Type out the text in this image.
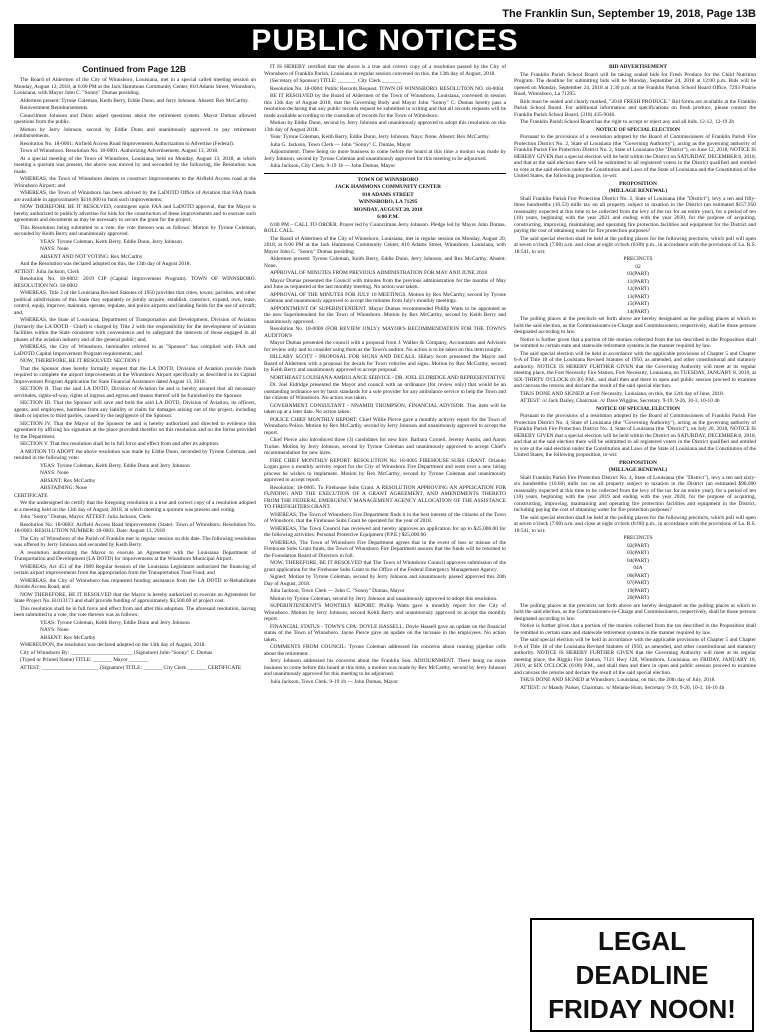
The Franklin Sun, September 19, 2018, Page 13B
PUBLIC NOTICES
Continued from Page 12B

The Board of Aldermen of the City of Winnsboro, Louisiana, met in a special called meeting session on Monday, August 13, 2018, at 6:00 PM at the Jack Hammons Community Center, 810 Adams Street, Winnsboro, Louisiana, with Mayor John C. "Sonny" Dumas presiding.

Aldermen present: Tyrone Coleman, Keith Berry, Eddie Dunn, and Jerry Johnson. Absent: Rex McCarthy.

Reinvestment Reimbursements.

Councilman Johnson and Dunn asked questions about the retirement system. Mayor Dumas allowed questions from the public.

Motion by Jerry Johnson, second by Eddie Dunn and unanimously approved to pay retirement reimbursements.

Resolution No. 18-0001: Airfield Access Road Improvements Authorization to Advertise (Federal).

Town of Winnsboro. Resolution No. 18-0001. Authorizing Advertisement. August 13, 2018.

At a special meeting of the Town of Winnsboro, Louisiana, held on Monday, August 13, 2018, at which meeting a quorum was present, the above was moved by and seconded by the following, the Resolution was made.

WHEREAS, the Town of Winnsboro desires to construct improvements to the Airfield Access road at the Winnsboro Airport; and

WHEREAS, the Town of Winnsboro has been advised by the LaDOTD Office of Aviation that FAA funds are available in approximately $116,000 to fund such improvements;

NOW THEREFORE BE IT RESOLVED, contingent upon FAA and LaDOTD approval, that the Mayor is hereby authorized to publicly advertise for bids for the construction of these improvements and to execute such agreements and documents as may be necessary to secure the grant for the project.

This Resolution being submitted to a vote, the vote thereon was as follows: Motion by Tyrone Coleman, seconded by Keith Berry and unanimously approved.

YEAS: Tyrone Coleman, Keith Berry, Eddie Dunn, Jerry Johnson

NAYS: None

ABSENT AND NOT VOTING: Rex McCarthy

And the Resolution was declared adopted on this, the 13th day of August 2018.

ATTEST: Julia Jackson, Clerk

Resolution No. 18-0002: 2019 CIP (Capital Improvement Program). TOWN OF WINNSBORO. RESOLUTION NO. 18-0002

WHEREAS, Title 2 of the Louisiana Revised Statutes of 1950 provides that cities, towns, parishes, and other political subdivisions of this State may separately or jointly acquire, establish, construct, expand, own, lease, control, equip, improve, maintain, operate, regulate, and police airports and landing fields for the use of aircraft; and,

WHEREAS, the State of Louisiana, Department of Transportation and Development, Division of Aviation (formerly the LA DOTD - Chief) is charged by Title 2 with the responsibility for the development of aviation facilities within the State consistent with convenience and to safeguard the interests of those engaged in all phases of the aviation industry and of the general public; and,

WHEREAS, the City of Winnsboro, hereinafter referred to as "Sponsor" has complied with FAA and LaDOTD Capital Improvement Program requirements; and

NOW, THEREFORE, BE IT RESOLVED: SECTION I

That the Sponsor does hereby formally request that the LA DOTD, Division of Aviation provide funds required to complete the airport improvements at the Winnsboro Airport specifically as described in its Capital Improvement Program Application for State Financial Assistance dated August 13, 2018.

SECTION II. That the said LA DOTD, Division of Aviation be and is hereby assured that all necessary servitudes, rights-of-way, rights of ingress and egress and means thereof will be furnished by the Sponsor.

SECTION III. That the Sponsor will save and hold the said LA DOTD, Division of Aviation, its officers, agents, and employees, harmless from any liability or claim for damages arising out of the project, including death or injuries to third parties, caused by the negligence of the Sponsor.

SECTION IV. That the Mayor of the Sponsor be and is hereby authorized and directed to evidence this agreement by affixing his signature at the place provided therefor on this resolution and on the forms provided by the Department.

SECTION V. That this resolution shall be in full force and effect from and after its adoption.

A MOTION TO ADOPT the above resolution was made by Eddie Dunn, seconded by Tyrone Coleman, and resulted in the following vote:

YEAS: Tyrone Coleman, Keith Berry, Eddie Dunn and Jerry Johnson

NAYS: None

ABSENT: Rex McCarthy

ABSTAINING: None

CERTIFICATE

We the undersigned do certify that the foregoing resolution is a true and correct copy of a resolution adopted at a meeting held on the 13th day of August, 2018, at which meeting a quorum was present and voting.

John "Sonny" Dumas, Mayor. ATTEST: Julia Jackson, Clerk

Resolution No. 18-0003: Airfield Access Road Improvements (State). Town of Winnsboro. Resolution No. 18-0003. RESOLUTION NUMBER: 18-0003. Date: August 13, 2018

The City of Winnsboro of the Parish of Franklin met in regular session on this date. The following resolution was offered by Jerry Johnson and seconded by Keith Berry.

A resolution authorizing the Mayor to execute an Agreement with the Louisiana Department of Transportation and Development (LA DOTD) for improvements at the Winnsboro Municipal Airport.

WHEREAS, Act 451 of the 1989 Regular Session of the Louisiana Legislature authorized the financing of certain airport improvements from the appropriation from the Transportation Trust Fund; and

WHEREAS, the City of Winnsboro has requested funding assistance from the LA DOTD to Rehabilitate Airside Access Road; and

NOW THEREFORE, BE IT RESOLVED that the Mayor is hereby authorized to execute an Agreement for State Project No. H.013171 and shall provide funding of approximately $3,500.00 of project cost.

This resolution shall be in full force and effect from and after this adoption. The aforesaid resolution, having been submitted to a vote, the vote thereon was as follows:

YEAS: Tyrone Coleman, Keith Berry, Eddie Dunn and Jerry Johnson

NAYS: None

ABSENT: Rex McCarthy

WHEREUPON, the resolution was declared adopted on the 13th day of August, 2018.

City of Winnsboro By: _______________________ (Signature) John "Sonny" C. Dumas

(Typed or Printed Name) TITLE: _______ Mayor _______

ATTEST: _____________________ (Signature) TITLE: _______ City Clerk _______ CERTIFICATE

IT IS HEREBY certified that the above is a true and correct copy of a resolution passed by the City of Winnsboro of Franklin Parish, Louisiana in regular session convened on this, the 13th day of August, 2018.

(Secretary of Sponsor) TITLE: _______ City Clerk _______

Resolution No. 18-0004: Public Records Request. TOWN OF WINNSBORO. RESOLUTION NO. 18-0004

BE IT RESOLVED by the Board of Aldermen of the Town of Winnsboro, Louisiana, convened in session this 13th day of August 2018, that the Governing Body and Mayor John "Sonny" C. Dumas hereby pass a resolution declaring that any public records request be submitted in writing and that all records requests will be made available according to the custodian of records for the Town of Winnsboro.

Motion by Eddie Dunn, second by Jerry Johnson and unanimously approved to adopt this resolution on this 13th day of August 2018.

Yeas: Tyrone Coleman, Keith Berry, Eddie Dunn, Jerry Johnson. Nays: None. Absent: Rex McCarthy.

Julia G. Jackson, Town Clerk — John "Sonny" C. Dumas, Mayor

Adjournment: There being no more business to come before the board at this time a motion was made by Jerry Johnson, second by Tyrone Coleman and unanimously approved for this meeting to be adjourned.

Julia Jackson, City Clerk. 9-19 1b — John Dumas, Mayor

TOWN OF WINNSBORO

JACK HAMMONS COMMUNITY CENTER

810 ADAMS STREET

WINNSBORO, LA 71295

MONDAY, AUGUST 20, 2018

6:00 P.M.

6:00 PM – CALL TO ORDER. Prayer led by Councilman Jerry Johnson. Pledge led by Mayor John Dumas. ROLL CALL.

The Board of Aldermen of the City of Winnsboro, Louisiana, met in regular session on Monday, August 20, 2018, at 6:00 PM at the Jack Hammons Community Center, 810 Adams Street, Winnsboro, Louisiana, with Mayor John C. "Sonny" Dumas presiding.

Aldermen present: Tyrone Coleman, Keith Berry, Eddie Dunn, Jerry Johnson, and Rex McCarthy. Absent: None.

APPROVAL OF MINUTES FROM PREVIOUS ADMINISTRATION FOR MAY AND JUNE 2018

Mayor Dumas presented the Council with minutes from the previous administration for the months of May and June as requested at the last monthly meeting. No action was taken.

APPROVAL OF THE MINUTES FOR JULY 16 MEETINGS. Motion by Rex McCarthy, second by Tyrone Coleman and unanimously approved to accept the minutes from July's monthly meetings.

APPOINTMENT OF SUPERINTENDENT. Mayor Dumas recommended Phillip Watts to be appointed as the new Superintendent for the Town of Winnsboro. Motion by Rex McCarthy, second by Keith Berry and unanimously approved.

Resolution No. 18-0006 (FOR REVIEW ONLY): MAYOR'S RECOMMENDATION FOR THE TOWN'S AUDITOR'S

Mayor Dumas presented the council with a proposal from J. Walker & Company, Accountants and Advisors for review only and to consider using them as the Town's auditor. No action is to be taken on this item tonight.

HILLARY SCOTT - PROPOSAL FOR SIGNS AND DECALS. Hillary Scott presented the Mayor and Board of Aldermen with a proposal for decals for Town vehicles and signs. Motion by Rex McCarthy, second by Keith Berry and unanimously approved to accept proposal.

NORTHEAST LOUISIANA AMBULANCE SERVICE - DR. JOEL ELDRIDGE AND REPRESENTATIVE

Dr. Joel Eldridge presented the Mayor and council with an ordinance (for review only) that would be an outstanding ordinance set by basic standards for a sole provider for any ambulance service to help the Town and the citizens of Winnsboro. No action was taken.

GOVERNMENT CONSULTANT - NNAMDI THOMPSON, FINANCIAL ADVISOR. This item will be taken up at a later date. No action taken.

POLICE CHIEF MONTHLY REPORT: Chief Willie Pierce gave a monthly activity report for the Town of Winnsboro Police. Motion by Rex McCarthy, second by Jerry Johnson and unanimously approved to accept the report.

Chief Pierce also introduced three (3) candidates for new hire: Barbara Cornell, Jeremy Austin, and Aaron Tucker. Motion by Jerry Johnson, second by Tyrone Coleman and unanimously approved to accept Chief's recommendation for new hires.

FIRE CHIEF MONTHLY REPORT: RESOLUTION No. 18-0005 FIREHOUSE SUBS GRANT. Orlando Logan gave a monthly activity report for the City of Winnsboro Fire Department and went over a new hiring process he wishes to implement. Motion by Rex McCarthy, second by Tyrone Coleman and unanimously approved to accept report.

Resolution: 18-0005. To Firehouse Subs Grant. A RESOLUTION APPROVING AN APPLICATION FOR FUNDING AND THE EXECUTION OF A GRANT AGREEMENT, AND AMENDMENTS THERETO FROM THE FEDERAL EMERGENCY MANAGEMENT AGENCY ALLOCATION OF THE ASSISTANCE TO FIREFIGHTERS GRANT.

WHEREAS, The Town of Winnsboro Fire Department finds it in the best interest of the citizens of the Town of Winnsboro, that the Firehouse Subs Grant be operated for the year of 2018.

WHEREAS, The Town Council has reviewed and hereby approves an application for up to $25,000.00 for the following activities: Personal Protective Equipment (P.P.E.) $25,000.00

WHEREAS, The Town of Winnsboro Fire Department agrees that in the event of loss or misuse of the Firehouse Subs Grant funds, the Town of Winnsboro Fire Department assures that the funds will be returned to the Foundation Board of Directors in full.

NOW, THEREFORE, BE IT RESOLVED that The Town of Winnsboro Council approves submission of the grant application for the Firehouse Subs Grant to the Office of the Federal Emergency Management Agency.

Signed: Motion by Tyrone Coleman, second by Jerry Johnson and unanimously passed approved this 20th Day of August, 2018.

Julia Jackson, Town Clerk — John C. "Sonny" Dumas, Mayor

Motion by Tyrone Coleman, second by Jerry Johnson and unanimously approved to adopt this resolution.

SUPERINTENDENT'S MONTHLY REPORT: Phillip Watts gave a monthly report for the City of Winnsboro. Motion by Jerry Johnson, second Keith Berry and unanimously approved to accept the monthly report.

FINANCIAL STATUS - TOWN'S CPA: DOYLE HASSELL. Doyle Hassell gave an update on the financial status of the Town of Winnsboro. Jayne Pierce gave an update on the increase in the employees. No action taken.

COMMENTS FROM COUNCIL: Tyrone Coleman addressed his concerns about running pipeline cells about the retirement.

Jerry Johnson addressed his concerns about the Franklin Sun. ADJOURNMENT. There being no more business to come before this board at this time, a motion was made by Rex McCarthy, second by Jerry Johnson and unanimously approved for this meeting to be adjourned.

Julia Jackson, Town Clerk. 9-19 1b — John Dumas, Mayor

BID ADVERTISEMENT

The Franklin Parish School Board will be taking sealed bids for Fresh Produce for the Child Nutrition Program. The deadline for submitting bids will be Monday, September 24, 2018 at 12:00 p.m. Bids will be opened on Monday, September 24, 2018 at 1:30 p.m. at the Franklin Parish School Board Office, 7293 Prairie Road, Winnsboro, La 71295.

Bids must be sealed and clearly marked, "2018 FRESH PRODUCE." Bid forms are available at the Franklin Parish School Board. For additional information and specifications on fresh produce, please contact the Franklin Parish School Board, (318) 435-9046.

The Franklin Parish School Board has the right to accept or reject any and all bids. 12-12, 12-19 2b

NOTICE OF SPECIAL ELECTION

Pursuant to the provisions of a resolution adopted by the Board of Commissioners of Franklin Parish Fire Protection District No. 2, State of Louisiana (the "Governing Authority"), acting as the governing authority of Franklin Parish Fire Protection District No. 2, State of Louisiana (the "District"), on June 12, 2018, NOTICE IS HEREBY GIVEN that a special election will be held within the District on SATURDAY, DECEMBER 8, 2018, and that at the said election there will be submitted to all registered voters in the District qualified and entitled to vote at the said election under the Constitution and Laws of the State of Louisiana and the Constitution of the United States, the following proposition, to-wit:

PROPOSITION

(MILLAGE RENEWAL)

Shall Franklin Parish Fire Protection District No. 2, State of Louisiana (the "District"), levy a ten and fifty-three hundredths (10.53) mills tax on all property subject to taxation in the District (an estimated $157,950 reasonably expected at this time to be collected from the levy of the tax for an entire year), for a period of ten (10) years, beginning with the year 2021 and ending with the year 2030, for the purpose of acquiring, constructing, improving, maintaining and operating fire protection facilities and equipment for the District and paying the cost of obtaining water for fire protection purposes?

The said special election shall be held at the polling places for the following precincts, which poll will open at seven o'clock (7:00) a.m. and close at eight o'clock (8:00) p.m., in accordance with the provisions of La. R.S. 18:541, to wit:

PRECINCTS

02

03(PART)

11(PART)

12(PART)

13(PART)

15(PART)

14(PART)

The polling places at the precincts set forth above are hereby designated as the polling places at which to hold the said election, as the Commissioners-in-Charge and Commissioners, respectively, shall be those persons designated according to law.

Notice is further given that a portion of the monies collected from the tax described in the Proposition shall be remitted to certain state and statewide retirement systems in the manner required by law.

The said special election will be held in accordance with the applicable provisions of Chapter 5 and Chapter 6-A of Title 18 of the Louisiana Revised Statutes of 1950, as amended, and other constitutional and statutory authority. NOTICE IS HEREBY FURTHER GIVEN that the Governing Authority will meet at its regular meeting place, the Fort Necessity Fire Station, Fort Necessity, Louisiana, on TUESDAY, JANUARY 8, 2019, at SIX-THIRTY O'CLOCK (6:30) P.M., and shall then and there in open and public session proceed to examine and canvass the returns and declare the result of the said special election.

THUS DONE AND SIGNED at Fort Necessity, Louisiana, on this, the 12th day of June, 2018.

ATTEST: /s/ Jack Dailey, Chairman. /s/ Dave Wiggins, Secretary. 9-19, 9-26, 10-3, 10-10 4b

NOTICE OF SPECIAL ELECTION

Pursuant to the provisions of a resolution adopted by the Board of Commissioners of Franklin Parish Fire Protection District No. 4, State of Louisiana (the "Governing Authority"), acting as the governing authority of Franklin Parish Fire Protection District No. 4, State of Louisiana (the "District"), on July 20, 2018, NOTICE IS HEREBY GIVEN that a special election will be held within the District on SATURDAY, DECEMBER 8, 2018, and that at the said election there will be submitted to all registered voters in the District qualified and entitled to vote at the said election under the Constitution and Laws of the State of Louisiana and the Constitution of the United States, the following proposition, to-wit:

PROPOSITION

(MILLAGE RENEWAL)

Shall Franklin Parish Fire Protection District No. 4, State of Louisiana (the "District"), levy a ten and sixty-six hundredths (10.66) mills tax on all property subject to taxation in the District (an estimated $98,000 reasonably expected at this time to be collected from the levy of the tax for an entire year), for a period of ten (10) years, beginning with the year 2019 and ending with the year 2028, for the purpose of acquiring, constructing, improving, maintaining and operating fire protection facilities and equipment in the District, including paying the cost of obtaining water for fire protection purposes?

The said special election shall be held at the polling places for the following precincts, which poll will open at seven o'clock (7:00) a.m. and close at eight o'clock (8:00) p.m., in accordance with the provisions of La. R.S. 18:541, to wit:

PRECINCTS

02(PART)

03(PART)

04(PART)

04A

06(PART)

07(PART)

19(PART)

20(PART)

The polling places at the precincts set forth above are hereby designated as the polling places at which to hold the said election, as the Commissioners-in-Charge and Commissioners, respectively, shall be those persons designated according to law.

Notice is further given that a portion of the monies collected from the tax described in the Proposition shall be remitted to certain state and statewide retirement systems in the manner required by law.

The said special election will be held in accordance with the applicable provisions of Chapter 5 and Chapter 6-A of Title 18 of the Louisiana Revised Statutes of 1950, as amended, and other constitutional and statutory authority. NOTICE IS HEREBY FURTHER GIVEN that the Governing Authority will meet at its regular meeting place, the Riggin Fire Station, 7121 Hwy 128, Winnsboro, Louisiana, on FRIDAY, JANUARY 18, 2019, at SIX O'CLOCK (6:00) P.M., and shall then and there in open and public session proceed to examine and canvass the returns and declare the result of the said special election.

THUS DONE AND SIGNED at Winnsboro, Louisiana, on this, the 20th day of July, 2018.

ATTEST: /s/ Mandy Parker, Chairman. /s/ Melanie Hunt, Secretary. 9-19, 9-26, 10-3, 10-10 4b

LEGAL DEADLINE
FRIDAY NOON!
